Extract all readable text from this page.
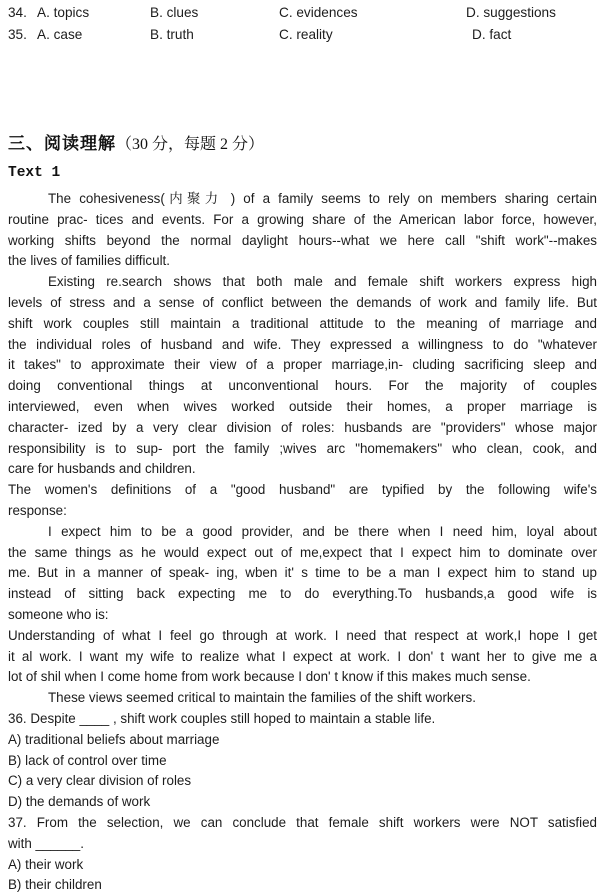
34. A. topics	B. clues	C. evidences	D. suggestions
35. A. case	B. truth	C. reality	D. fact
三、阅读理解（30 分，每题 2 分）
Text 1
The cohesiveness(内聚力 ) of a family seems to rely on members sharing certain
routine prac- tices and events. For a growing share of the American labor force, however,
working shifts beyond the normal daylight hours--what we here call "shift work"--makes
the lives of families difficult.
Existing re.search shows that both male and female shift workers express high
levels of stress and a sense of conflict between the demands of work and family life. But
shift work couples still maintain a traditional attitude to the meaning of marriage and
the individual roles of husband and wife. They expressed a willingness to do "whatever
it takes" to approximate their view of a proper marriage,in- cluding sacrificing sleep and
doing conventional things at unconventional hours. For the majority of couples
interviewed, even when wives worked outside their homes, a proper marriage is
character- ized by a very clear division of roles: husbands are "providers" whose major
responsibility is to sup- port the family ;wives arc "homemakers" who clean, cook, and
care for husbands and children.
The women's definitions of a "good husband" are typified by the following wife's
response:
I expect him to be a good provider, and be there when I need him, loyal about
the same things as he would expect out of me,expect that I expect him to dominate over
me. But in a manner of speak- ing, wben it' s time to be a man I expect him to stand up
instead of sitting back expecting me to do everything.To husbands,a good wife is
someone who is:
Understanding of what I feel go through at work. I need that respect at work,I hope I get
it al work. I want my wife to realize what I expect at work. I don' t want her to give me a
lot of shil when I come home from work because I don' t know if this makes much sense.
These views seemed critical to maintain the families of the shift workers.
36. Despite ____ , shift work couples still hoped to maintain a stable life.
A) traditional beliefs about marriage
B) lack of control over time
C) a very clear division of roles
D) the demands of work
37. From the selection, we can conclude that female shift workers were NOT satisfied
with ______.
A) their work
B) their children
